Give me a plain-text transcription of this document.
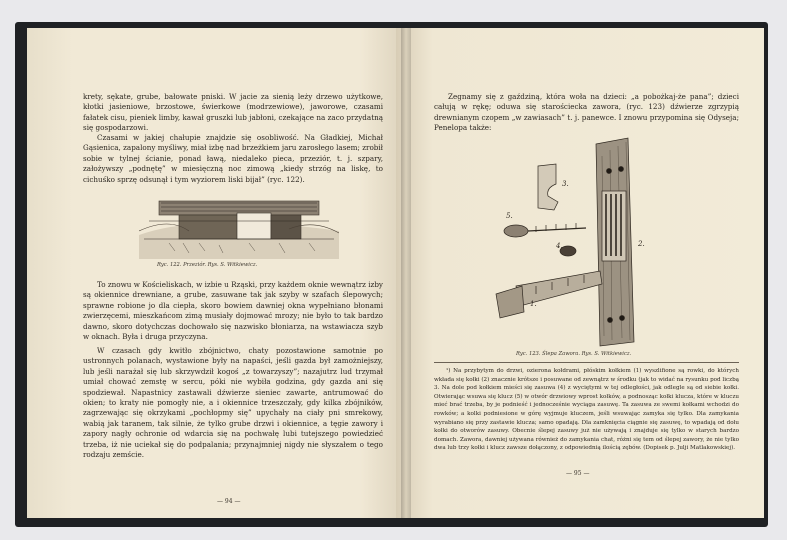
krety, sękate, grube, bałowate pniski. W jacie za sienią leży drzewo użytkowe, kłotki jasieniowe, brzostowe, świerkowe (modrzewiowe), jaworowe, czasami fałatek cisu, pieniek limby, kawał gruszki lub jabłoni, czekające na zaco przydatną się gospodarzowi.

Czasami w jakiej chałupie znajdzie się osobliwość. Na Gładkiej, Michał Gąsienica, zapalony myśliwy, miał izbę nad brzeżkiem jaru zarosłego lasem; zrobił sobie w tylnej ścianie, ponad ławą, niedaleko pieca, przeziór, t. j. szpary, założywszy „podnętę” w miesięczną noc zimową „kiedy strzóg na liskę, to cichuśko sprzę odsunął i tym wyziorem liski bijał” (ryc. 122).

Ryc. 122. Przeziór. Rys. S. Witkiewicz.

To znowu w Kościeliskach, w izbie u Rząski, przy każdem oknie wewnątrz izby są okiennice drewniane, a grube, zasuwane tak jak szyby w szafach ślepowych; sprawne robione jo dla ciepła, skoro bowiem dawniej okna wypełniano błonami zwierzęcemi, mieszkańcom zimą musiały dojmować mrozy; nie było to tak bardzo dawno, skoro dotychczas dochowało się nazwisko błoniarza, na wstawiacza szyb w oknach. Była i druga przyczyna.

W czasach gdy kwitło zbójnictwo, chaty pozostawione samotnie po ustronnych polanach, wystawione były na napaści, jeśli gazda był zamożniejszy, lub jeśli narażał się lub skrzywdził kogoś „z towarzyszy”; nazajutrz lud trzymał umiał chować zemstę w sercu, póki nie wybiła godzina, gdy gazda ani się spodziewał. Napastnicy zastawali dźwierze sieniec zawarte, antrumować do okien; to kraty nie pomogły nie, a i okiennice trzeszczały, gdy kilka zbójników, zagrzewając się okrzykami „pochłopmy się” upychały na ciały pni smrekowy, wabią jak taranem, tak silnie, że tylko grube drzwi i okiennice, a tęgie zawory i zapory nagły ochronie od wdarcia się na pochwałę lubi tutejszego powiedzieć trzeba, iż nie uciekał się do podpalania; przynajmniej nigdy nie słyszałem o tego rodzaju zemście.

— 94 —

Zegnamy się z gaździną, która woła na dzieci: „a pobożkaj-że pana”; dzieci całują w rękę; oduwa się starościecka zawora, (ryc. 123) dźwierze zgrzypią drewnianym czopem „w zawiasach” t. j. panewce. I znowu przypomina się Odyseja; Penelopa także:

3.
5.
4.	2.
1.
Ryc. 123. Ślepa Zawora. Rys. S. Witkiewicz.

¹) Na przybytym do drzwi, ozierona kołdrami, płóskim kołkiem (1) wyszlifione są rowki, do których wkłada się kołki (2) znacznie krótsze i posuwane od zewnątrz w środku (jak to widać na rysunku pod liczbą 3. Na dole pod kołkiem mieści się zasuwa (4) z wyciętymi w tej odległości, jak odlegle są od siebie kołki. Otwierając wsuwa się klucz (5) w otwór drzwiowy wprost kołków, a podnosząc kołki klucza, które w kluczu mieć brać trzeba, by je podnieść i jednocześnie wyciąga zasuwę. Ta zasuwa ze swemi kołkami wchodzi do rowków; a kolki podniesione w górę wyjmuje kluczem, jeśli wsuwając zamyka się tylko. Dla zamykania wyrabiano się przy zastawie klucza; samo opadają. Dla zamknięcia ciągnie się zasuwę, to wpadają od dołu kołki do otworów zasuwy. Obecnie ślepej zasuwy już nie używają i znajduje się tylko w starych bardzo domach. Zawora, dawniej używana również do zamykania chat, różni się tem od ślepej zawory, że nie tylko dwa lub trzy kołki i klucz zawsze dołączony, z odpowiednią ilością zębów. (Dopisek p. Julji Matlakowskiej).

— 95 —
